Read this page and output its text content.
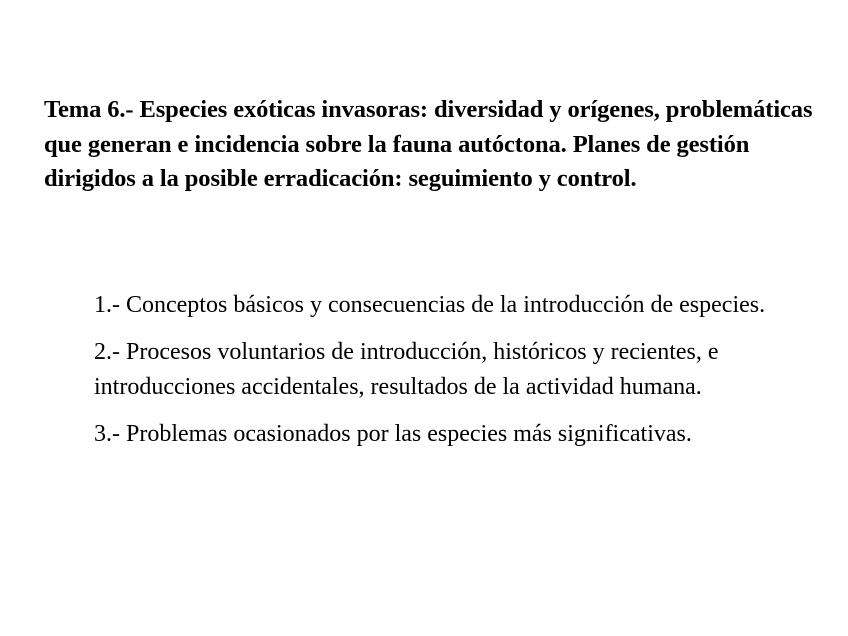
Tema 6.- Especies exóticas invasoras: diversidad y orígenes, problemáticas que generan e incidencia sobre la fauna autóctona. Planes de gestión dirigidos a la posible erradicación: seguimiento y control.
1.- Conceptos básicos y consecuencias de la introducción de especies.
2.- Procesos voluntarios de introducción, históricos y recientes, e introducciones accidentales, resultados de la actividad humana.
3.- Problemas ocasionados por las especies más significativas.
